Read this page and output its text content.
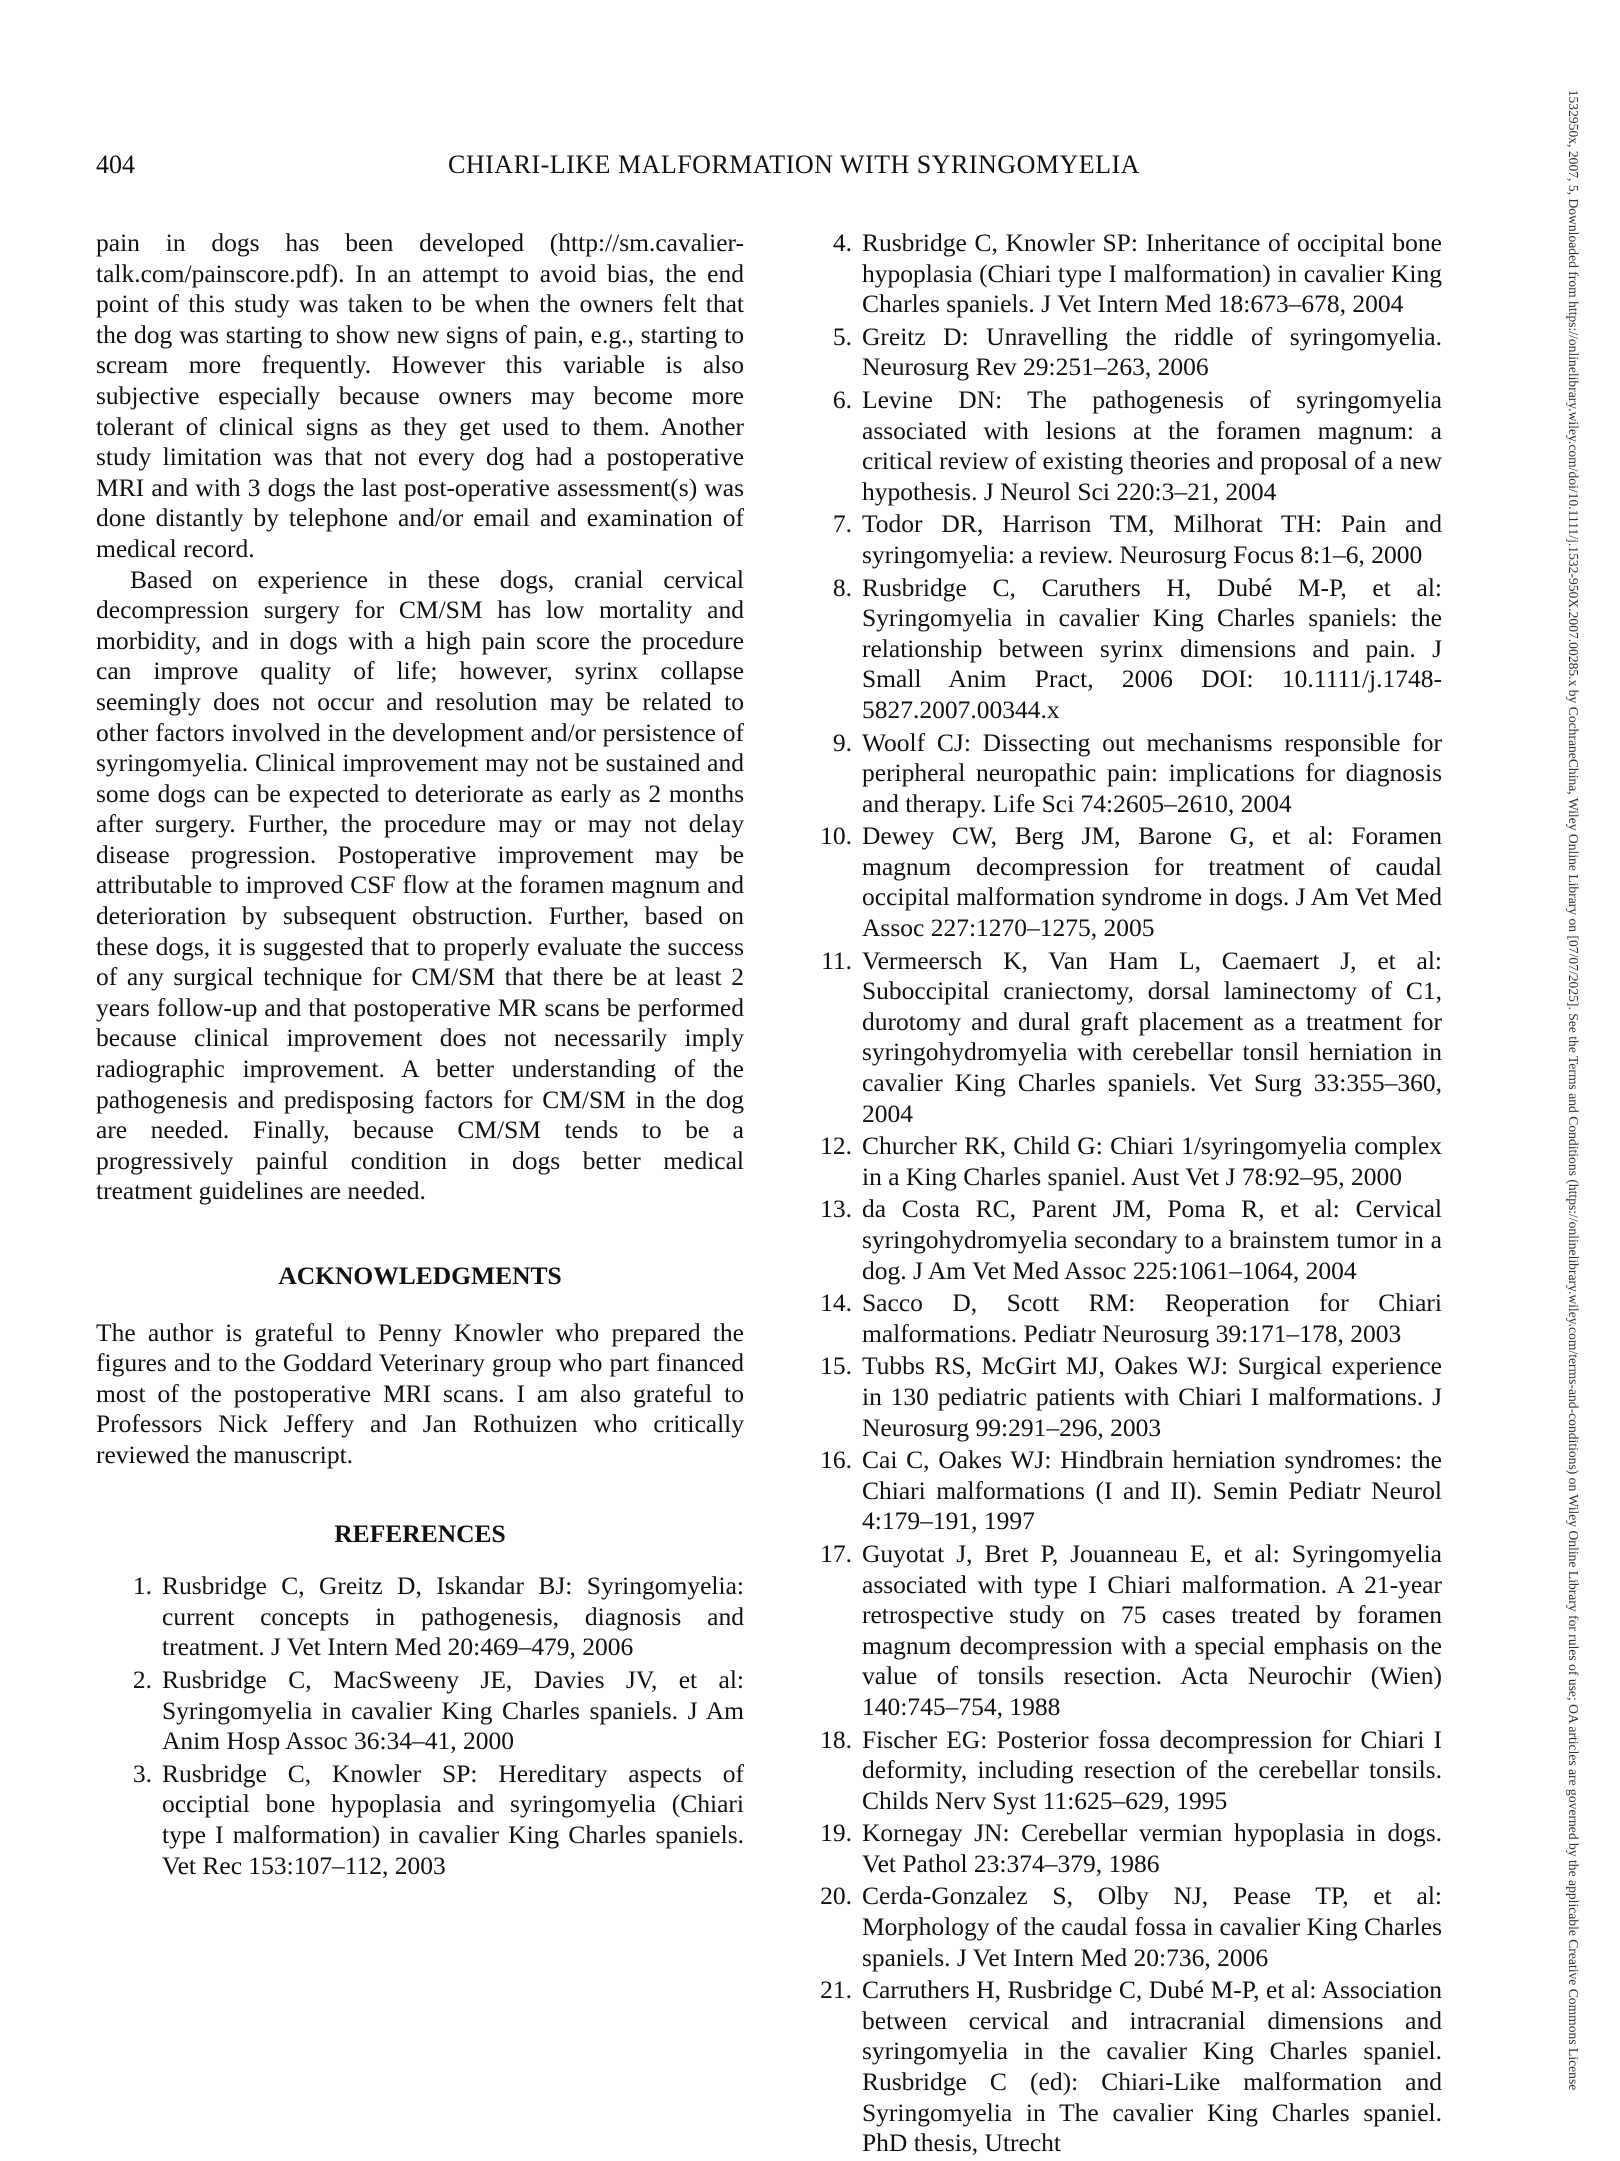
404	CHIARI-LIKE MALFORMATION WITH SYRINGOMYELIA

pain in dogs has been developed (http://sm.cavalier-talk.com/painscore.pdf). In an attempt to avoid bias, the end point of this study was taken to be when the owners felt that the dog was starting to show new signs of pain, e.g., starting to scream more frequently. However this variable is also subjective especially because owners may become more tolerant of clinical signs as they get used to them. Another study limitation was that not every dog had a postoperative MRI and with 3 dogs the last post-operative assessment(s) was done distantly by telephone and/or email and examination of medical record.

Based on experience in these dogs, cranial cervical decompression surgery for CM/SM has low mortality and morbidity, and in dogs with a high pain score the procedure can improve quality of life; however, syrinx collapse seemingly does not occur and resolution may be related to other factors involved in the development and/or persistence of syringomyelia. Clinical improvement may not be sustained and some dogs can be expected to deteriorate as early as 2 months after surgery. Further, the procedure may or may not delay disease progression. Postoperative improvement may be attributable to improved CSF flow at the foramen magnum and deterioration by subsequent obstruction. Further, based on these dogs, it is suggested that to properly evaluate the success of any surgical technique for CM/SM that there be at least 2 years follow-up and that postoperative MR scans be performed because clinical improvement does not necessarily imply radiographic improvement. A better understanding of the pathogenesis and predisposing factors for CM/SM in the dog are needed. Finally, because CM/SM tends to be a progressively painful condition in dogs better medical treatment guidelines are needed.

ACKNOWLEDGMENTS

The author is grateful to Penny Knowler who prepared the figures and to the Goddard Veterinary group who part financed most of the postoperative MRI scans. I am also grateful to Professors Nick Jeffery and Jan Rothuizen who critically reviewed the manuscript.

REFERENCES
1. Rusbridge C, Greitz D, Iskandar BJ: Syringomyelia: current concepts in pathogenesis, diagnosis and treatment. J Vet Intern Med 20:469–479, 2006
2. Rusbridge C, MacSweeny JE, Davies JV, et al: Syringomyelia in cavalier King Charles spaniels. J Am Anim Hosp Assoc 36:34–41, 2000
3. Rusbridge C, Knowler SP: Hereditary aspects of occiptial bone hypoplasia and syringomyelia (Chiari type I malformation) in cavalier King Charles spaniels. Vet Rec 153:107–112, 2003
4. Rusbridge C, Knowler SP: Inheritance of occipital bone hypoplasia (Chiari type I malformation) in cavalier King Charles spaniels. J Vet Intern Med 18:673–678, 2004
5. Greitz D: Unravelling the riddle of syringomyelia. Neurosurg Rev 29:251–263, 2006
6. Levine DN: The pathogenesis of syringomyelia associated with lesions at the foramen magnum: a critical review of existing theories and proposal of a new hypothesis. J Neurol Sci 220:3–21, 2004
7. Todor DR, Harrison TM, Milhorat TH: Pain and syringomyelia: a review. Neurosurg Focus 8:1–6, 2000
8. Rusbridge C, Caruthers H, Dubé M-P, et al: Syringomyelia in cavalier King Charles spaniels: the relationship between syrinx dimensions and pain. J Small Anim Pract, 2006 DOI: 10.1111/j.1748-5827.2007.00344.x
9. Woolf CJ: Dissecting out mechanisms responsible for peripheral neuropathic pain: implications for diagnosis and therapy. Life Sci 74:2605–2610, 2004
10. Dewey CW, Berg JM, Barone G, et al: Foramen magnum decompression for treatment of caudal occipital malformation syndrome in dogs. J Am Vet Med Assoc 227:1270–1275, 2005
11. Vermeersch K, Van Ham L, Caemaert J, et al: Suboccipital craniectomy, dorsal laminectomy of C1, durotomy and dural graft placement as a treatment for syringohydromyelia with cerebellar tonsil herniation in cavalier King Charles spaniels. Vet Surg 33:355–360, 2004
12. Churcher RK, Child G: Chiari 1/syringomyelia complex in a King Charles spaniel. Aust Vet J 78:92–95, 2000
13. da Costa RC, Parent JM, Poma R, et al: Cervical syringohydromyelia secondary to a brainstem tumor in a dog. J Am Vet Med Assoc 225:1061–1064, 2004
14. Sacco D, Scott RM: Reoperation for Chiari malformations. Pediatr Neurosurg 39:171–178, 2003
15. Tubbs RS, McGirt MJ, Oakes WJ: Surgical experience in 130 pediatric patients with Chiari I malformations. J Neurosurg 99:291–296, 2003
16. Cai C, Oakes WJ: Hindbrain herniation syndromes: the Chiari malformations (I and II). Semin Pediatr Neurol 4:179–191, 1997
17. Guyotat J, Bret P, Jouanneau E, et al: Syringomyelia associated with type I Chiari malformation. A 21-year retrospective study on 75 cases treated by foramen magnum decompression with a special emphasis on the value of tonsils resection. Acta Neurochir (Wien) 140:745–754, 1988
18. Fischer EG: Posterior fossa decompression for Chiari I deformity, including resection of the cerebellar tonsils. Childs Nerv Syst 11:625–629, 1995
19. Kornegay JN: Cerebellar vermian hypoplasia in dogs. Vet Pathol 23:374–379, 1986
20. Cerda-Gonzalez S, Olby NJ, Pease TP, et al: Morphology of the caudal fossa in cavalier King Charles spaniels. J Vet Intern Med 20:736, 2006
21. Carruthers H, Rusbridge C, Dubé M-P, et al: Association between cervical and intracranial dimensions and syringomyelia in the cavalier King Charles spaniel. Rusbridge C (ed): Chiari-Like malformation and Syringomyelia in The cavalier King Charles spaniel. PhD thesis, Utrecht
1532950x, 2007, 5, Downloaded from https://onlinelibrary.wiley.com/doi/10.1111/j.1532-950X.2007.00285.x by CochraneChina, Wiley Online Library on [07/07/2025]. See the Terms and Conditions (https://onlinelibrary.wiley.com/terms-and-conditions) on Wiley Online Library for rules of use; OA articles are governed by the applicable Creative Commons License
